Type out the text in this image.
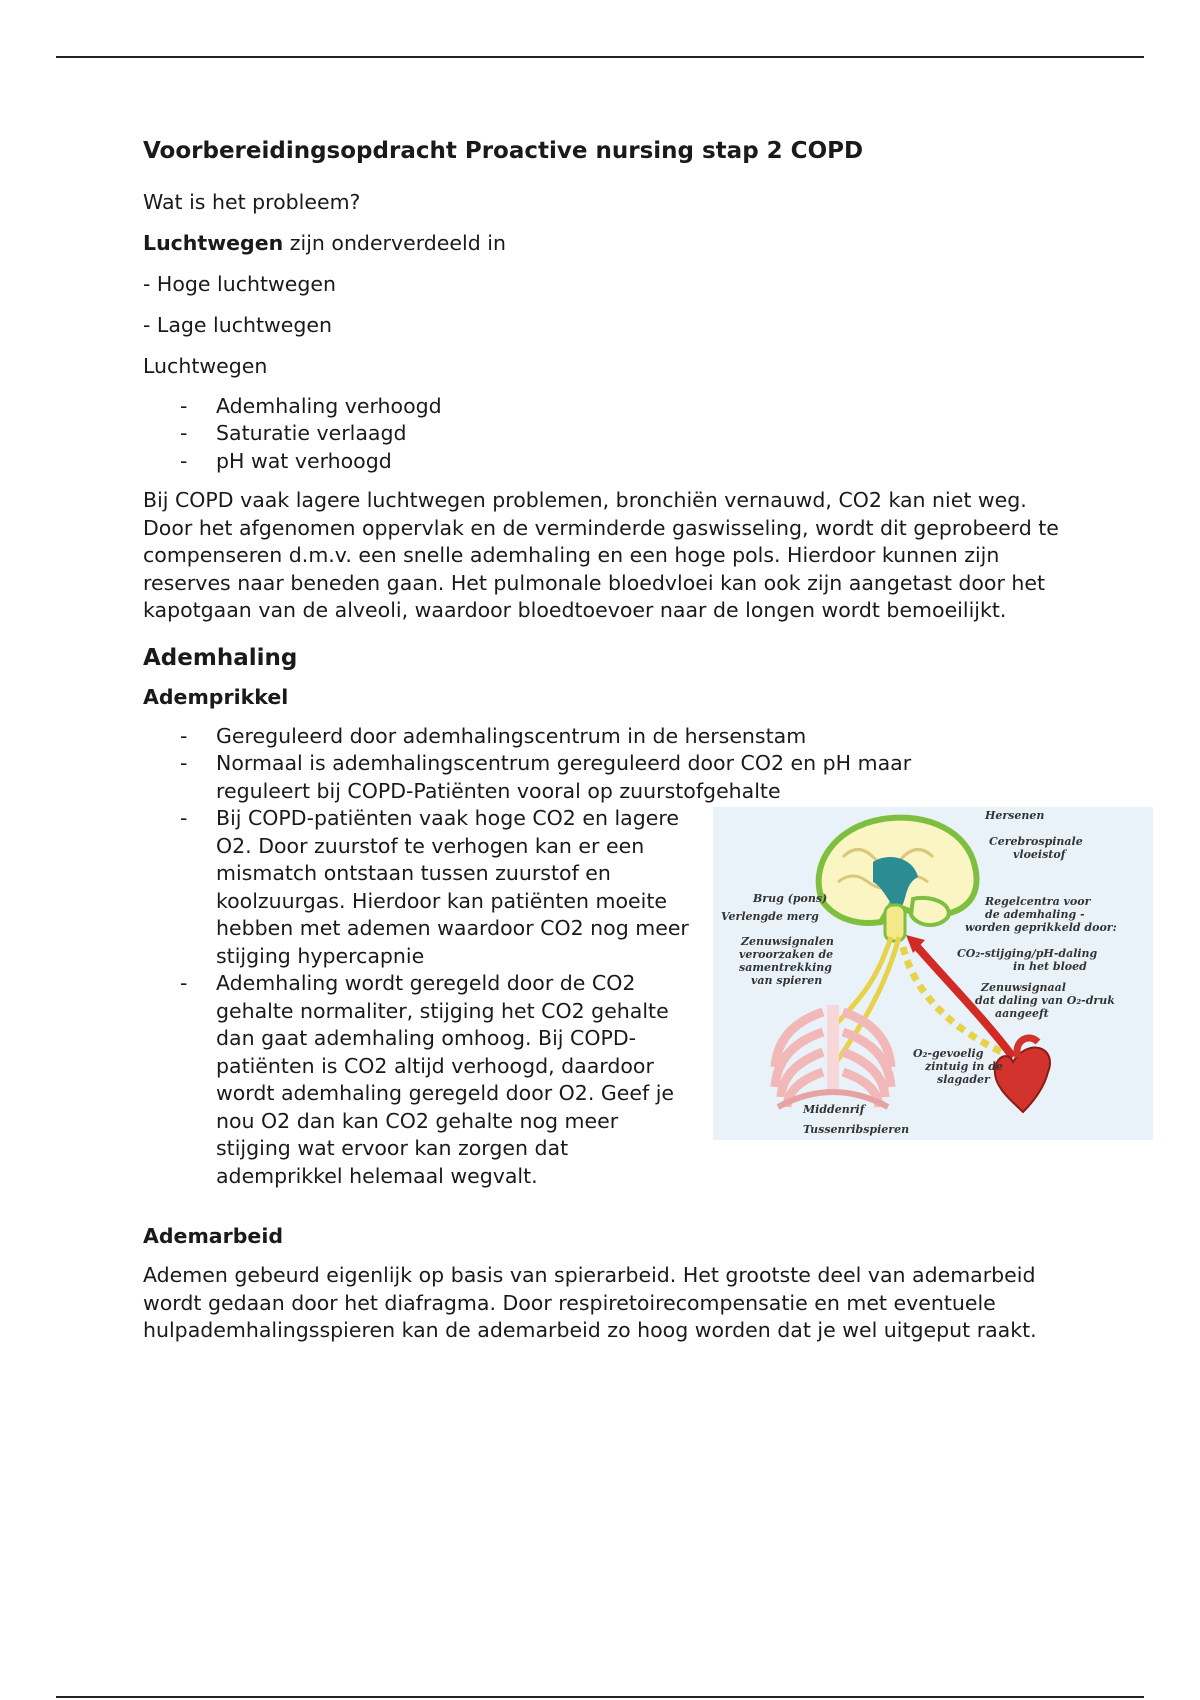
Voorbereidingsopdracht Proactive nursing stap 2 COPD

Wat is het probleem?

Luchtwegen zijn onderverdeeld in

- Hoge luchtwegen

- Lage luchtwegen

Luchtwegen

- Ademhaling verhoogd
- Saturatie verlaagd
- pH wat verhoogd

Bij COPD vaak lagere luchtwegen problemen, bronchiën vernauwd, CO2 kan niet weg. Door het afgenomen oppervlak en de verminderde gaswisseling, wordt dit geprobeerd te compenseren d.m.v. een snelle ademhaling en een hoge pols. Hierdoor kunnen zijn reserves naar beneden gaan. Het pulmonale bloedvloei kan ook zijn aangetast door het kapotgaan van de alveoli, waardoor bloedtoevoer naar de longen wordt bemoeilijkt.

Ademhaling
Ademprikkel
- Gereguleerd door ademhalingscentrum in de hersenstam
- Normaal is ademhalingscentrum gereguleerd door CO2 en pH maar reguleert bij COPD-Patiënten vooral op zuurstofgehalte
- Hersenen
Cerebrospinale
vloeistof
Brug (pons)
Verlengde merg
Regelcentra voor
de ademhaling -
worden geprikkeld door:
CO₂-stijging/pH-daling
in het bloed
Zenuwsignalen
veroorzaken de
samentrekking
van spieren
Zenuwsignaal
dat daling van O₂-druk
aangeeft
O₂-gevoelig
zintuig in de
slagader
Middenrif
Tussenribspieren
Bij COPD-patiënten vaak hoge CO2 en lagere O2. Door zuurstof te verhogen kan er een mismatch ontstaan tussen zuurstof en koolzuurgas. Hierdoor kan patiënten moeite hebben met ademen waardoor CO2 nog meer stijging hypercapnie
- Ademhaling wordt geregeld door de CO2 gehalte normaliter, stijging het CO2 gehalte dan gaat ademhaling omhoog. Bij COPD-patiënten is CO2 altijd verhoogd, daardoor wordt ademhaling geregeld door O2. Geef je nou O2 dan kan CO2 gehalte nog meer stijging wat ervoor kan zorgen dat ademprikkel helemaal wegvalt.
Ademarbeid

Ademen gebeurd eigenlijk op basis van spierarbeid. Het grootste deel van ademarbeid wordt gedaan door het diafragma. Door respiretoirecompensatie en met eventuele hulpademhalingsspieren kan de ademarbeid zo hoog worden dat je wel uitgeput raakt.
